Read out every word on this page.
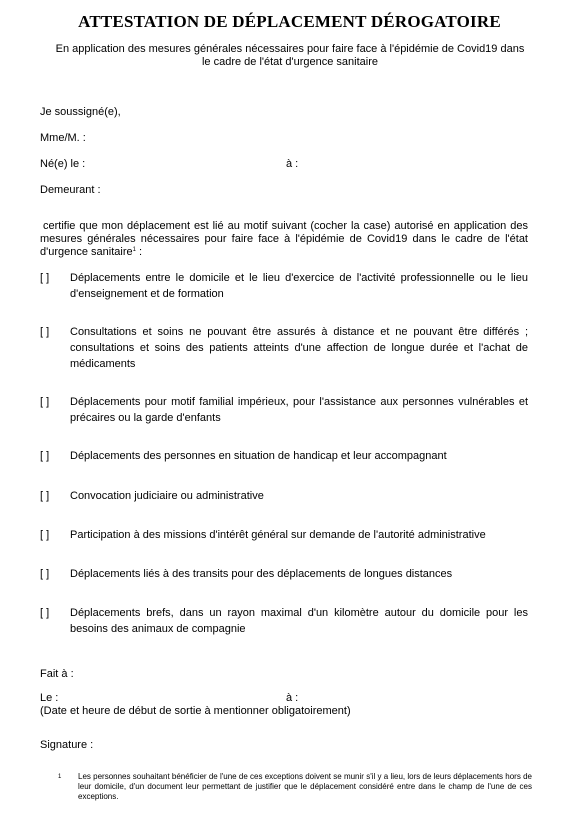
ATTESTATION DE DÉPLACEMENT DÉROGATOIRE
En application des mesures générales nécessaires pour faire face à l'épidémie de Covid19 dans
le cadre de l'état d'urgence sanitaire
Je soussigné(e),
Mme/M. :
Né(e) le :	à :
Demeurant :
certifie que mon déplacement est lié au motif suivant (cocher la case) autorisé en application des mesures générales nécessaires pour faire face à l'épidémie de Covid19 dans le cadre de l'état d'urgence sanitaire$^1$ :
[ ]	Déplacements entre le domicile et le lieu d'exercice de l'activité professionnelle ou le lieu d'enseignement et de formation
[ ]	Consultations et soins ne pouvant être assurés à distance et ne pouvant être différés ; consultations et soins des patients atteints d'une affection de longue durée et l'achat de médicaments
[ ]	Déplacements pour motif familial impérieux, pour l'assistance aux personnes vulnérables et précaires ou la garde d'enfants
[ ]	Déplacements des personnes en situation de handicap et leur accompagnant
[ ]	Convocation judiciaire ou administrative
[ ]	Participation à des missions d'intérêt général sur demande de l'autorité administrative
[ ]	Déplacements liés à des transits pour des déplacements de longues distances
[ ]	Déplacements brefs, dans un rayon maximal d'un kilomètre autour du domicile pour les besoins des animaux de compagnie
Fait à :
Le :	à :
(Date et heure de début de sortie à mentionner obligatoirement)
Signature :
1 Les personnes souhaitant bénéficier de l'une de ces exceptions doivent se munir s'il y a lieu, lors de leurs déplacements hors de leur domicile, d'un document leur permettant de justifier que le déplacement considéré entre dans le champ de l'une de ces exceptions.
